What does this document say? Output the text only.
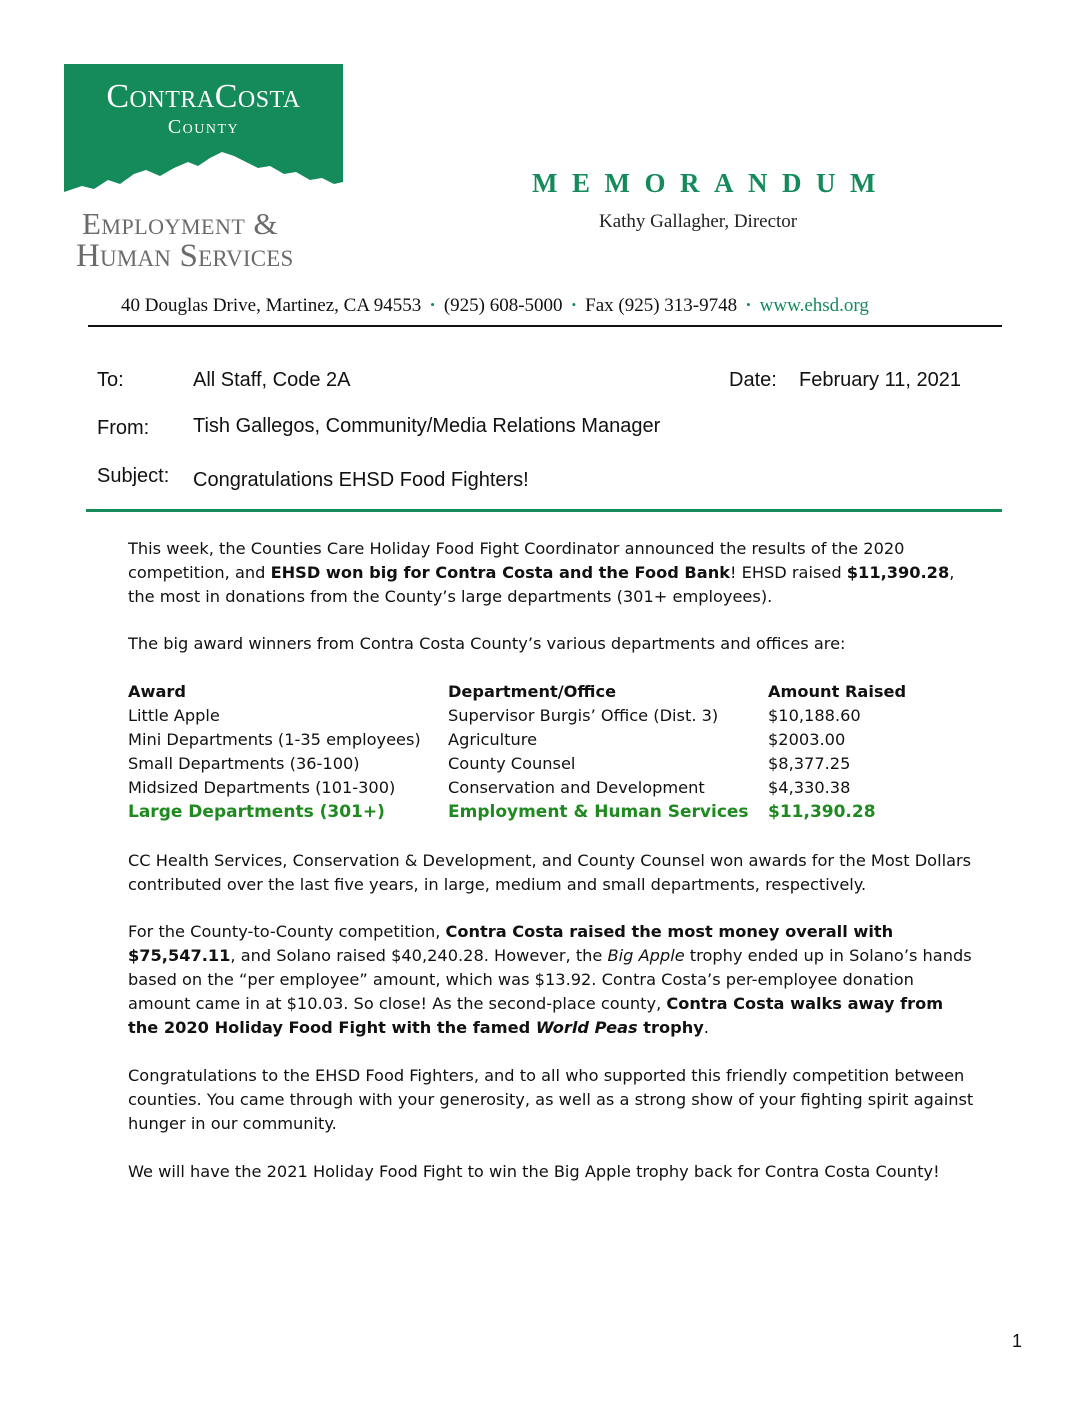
ContraCosta
County
Employment &
Human Services
MEMORANDUM
Kathy Gallagher, Director
40 Douglas Drive, Martinez, CA 94553 • (925) 608-5000 • Fax (925) 313-9748 • www.ehsd.org
To:	All Staff, Code 2A	Date: February 11, 2021
From: Tish Gallegos, Community/Media Relations Manager
Subject: Congratulations EHSD Food Fighters!
This week, the Counties Care Holiday Food Fight Coordinator announced the results of the 2020 competition, and EHSD won big for Contra Costa and the Food Bank! EHSD raised $11,390.28, the most in donations from the County’s large departments (301+ employees).
The big award winners from Contra Costa County’s various departments and offices are:
Award	Department/Office	Amount Raised
Little Apple	Supervisor Burgis’ Office (Dist. 3)	$10,188.60
Mini Departments (1-35 employees)	Agriculture	$2003.00
Small Departments (36-100)	County Counsel	$8,377.25
Midsized Departments (101-300)	Conservation and Development	$4,330.38
Large Departments (301+)	Employment & Human Services	$11,390.28
CC Health Services, Conservation & Development, and County Counsel won awards for the Most Dollars contributed over the last five years, in large, medium and small departments, respectively.
For the County-to-County competition, Contra Costa raised the most money overall with $75,547.11, and Solano raised $40,240.28. However, the Big Apple trophy ended up in Solano’s hands based on the “per employee” amount, which was $13.92. Contra Costa’s per-employee donation amount came in at $10.03. So close! As the second-place county, Contra Costa walks away from the 2020 Holiday Food Fight with the famed World Peas trophy.
Congratulations to the EHSD Food Fighters, and to all who supported this friendly competition between counties. You came through with your generosity, as well as a strong show of your fighting spirit against hunger in our community.
We will have the 2021 Holiday Food Fight to win the Big Apple trophy back for Contra Costa County!
1
